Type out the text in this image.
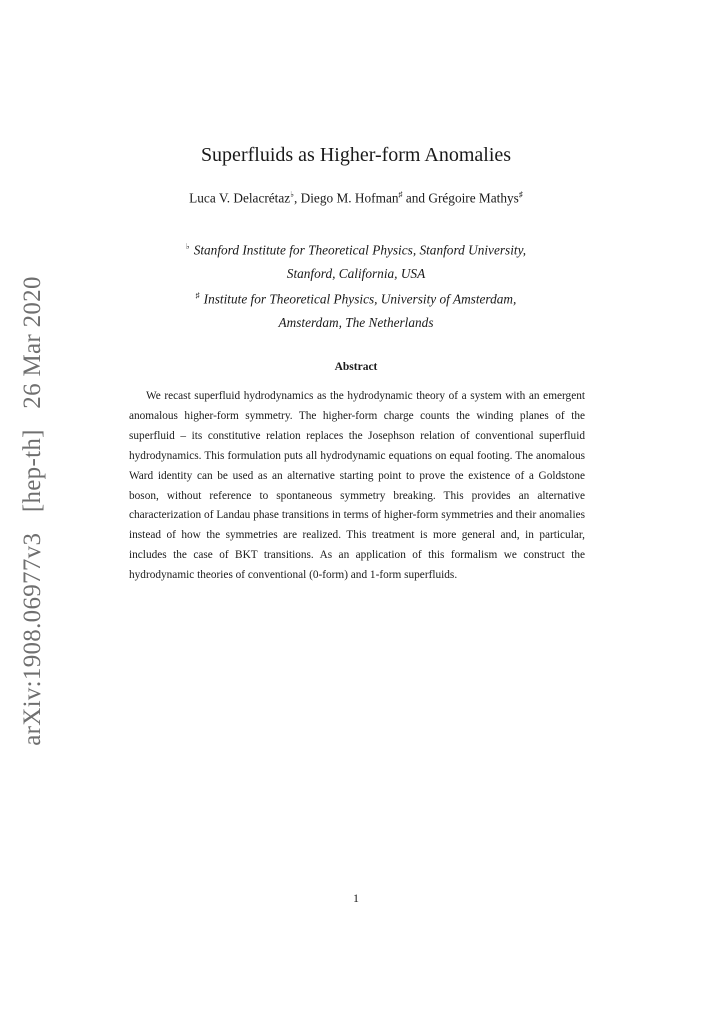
arXiv:1908.06977v3 [hep-th] 26 Mar 2020
Superfluids as Higher-form Anomalies
Luca V. Delacrétaz♭, Diego M. Hofman♯ and Grégoire Mathys♯
♭ Stanford Institute for Theoretical Physics, Stanford University,
Stanford, California, USA
♯ Institute for Theoretical Physics, University of Amsterdam,
Amsterdam, The Netherlands
Abstract
We recast superfluid hydrodynamics as the hydrodynamic theory of a system with an emergent anomalous higher-form symmetry. The higher-form charge counts the winding planes of the superfluid – its constitutive relation replaces the Josephson relation of conventional superfluid hydrodynamics. This formulation puts all hydrodynamic equations on equal footing. The anomalous Ward identity can be used as an alternative starting point to prove the existence of a Goldstone boson, without reference to spontaneous symmetry breaking. This provides an alternative characterization of Landau phase transitions in terms of higher-form symmetries and their anomalies instead of how the symmetries are realized. This treatment is more general and, in particular, includes the case of BKT transitions. As an application of this formalism we construct the hydrodynamic theories of conventional (0-form) and 1-form superfluids.
1
